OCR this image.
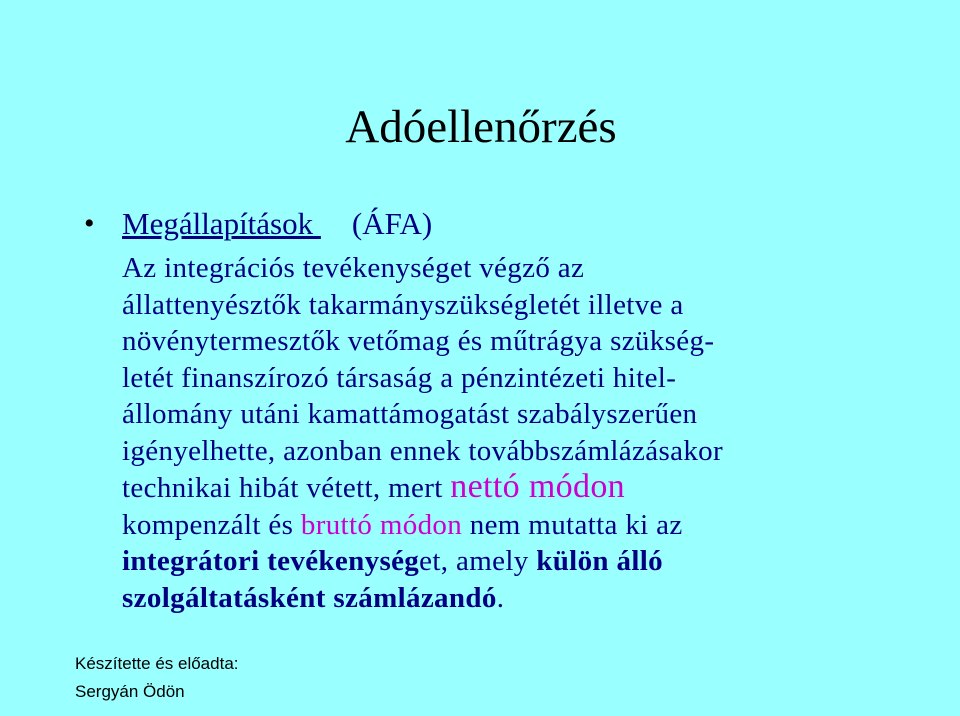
Adóellenőrzés
• Megállapítások     (ÁFA)
Az integrációs tevékenységet végző az
állattenyésztők takarmányszükségletét illetve a
növénytermesztők vetőmag és műtrágya szükség-
letét finanszírozó társaság a pénzintézeti hitel-
állomány utáni kamattámogatást szabályszerűen
igényelhette, azonban ennek továbbszámlázásakor
technikai hibát vétett, mert nettó módon
kompenzált és bruttó módon nem mutatta ki az
integrátori tevékenységet, amely külön álló
szolgáltatásként számlázandó.
Készítette és előadta:
Sergyán Ödön
